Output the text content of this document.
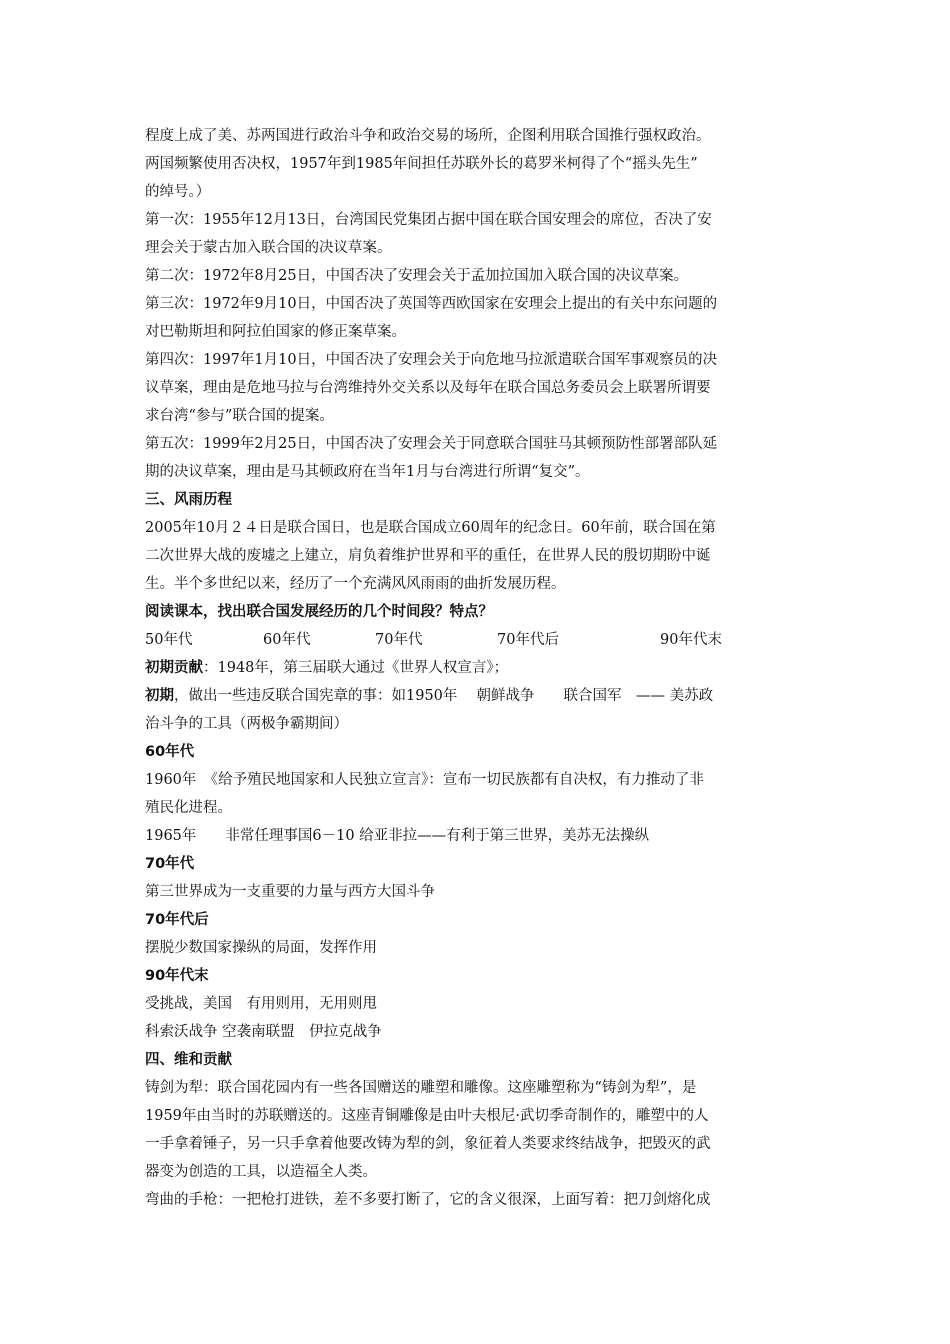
程度上成了美、苏两国进行政治斗争和政治交易的场所，企图利用联合国推行强权政治。

两国频繁使用否决权，1957年到1985年间担任苏联外长的葛罗米柯得了个“摇头先生”

的绰号。）

第一次：1955年12月13日，台湾国民党集团占据中国在联合国安理会的席位，否决了安

理会关于蒙古加入联合国的决议草案。

第二次：1972年8月25日，中国否决了安理会关于孟加拉国加入联合国的决议草案。

第三次：1972年9月10日，中国否决了英国等西欧国家在安理会上提出的有关中东问题的

对巴勒斯坦和阿拉伯国家的修正案草案。

第四次：1997年1月10日，中国否决了安理会关于向危地马拉派遣联合国军事观察员的决

议草案，理由是危地马拉与台湾维持外交关系以及每年在联合国总务委员会上联署所谓要

求台湾“参与”联合国的提案。

第五次：1999年2月25日，中国否决了安理会关于同意联合国驻马其顿预防性部署部队延

期的决议草案，理由是马其顿政府在当年1月与台湾进行所谓“复交”。

三、风雨历程

2005年10月２４日是联合国日，也是联合国成立60周年的纪念日。60年前，联合国在第

二次世界大战的废墟之上建立，肩负着维护世界和平的重任，在世界人民的殷切期盼中诞

生。半个多世纪以来，经历了一个充满风风雨雨的曲折发展历程。

阅读课本，找出联合国发展经历的几个时间段？特点？

50年代	60年代	70年代	70年代后	90年代末

初期贡献：1948年，第三届联大通过《世界人权宣言》；

初期，做出一些违反联合国宪章的事：如1950年　 朝鲜战争　　联合国军　—— 美苏政

治斗争的工具（两极争霸期间）

60年代

1960年　《给予殖民地国家和人民独立宣言》：宣布一切民族都有自决权，有力推动了非

殖民化进程。

1965年　　非常任理事国6－10 给亚非拉——有利于第三世界，美苏无法操纵

70年代

第三世界成为一支重要的力量与西方大国斗争

70年代后

摆脱少数国家操纵的局面，发挥作用

90年代末

受挑战，美国　有用则用，无用则甩

科索沃战争 空袭南联盟　伊拉克战争

四、维和贡献

铸剑为犁：联合国花园内有一些各国赠送的雕塑和雕像。这座雕塑称为“铸剑为犁”，是

1959年由当时的苏联赠送的。这座青铜雕像是由叶夫根尼·武切季奇制作的，雕塑中的人

一手拿着锤子，另一只手拿着他要改铸为犁的剑，象征着人类要求终结战争，把毁灭的武

器变为创造的工具，以造福全人类。

弯曲的手枪：一把枪打进铁，差不多要打断了，它的含义很深，上面写着：把刀剑熔化成
